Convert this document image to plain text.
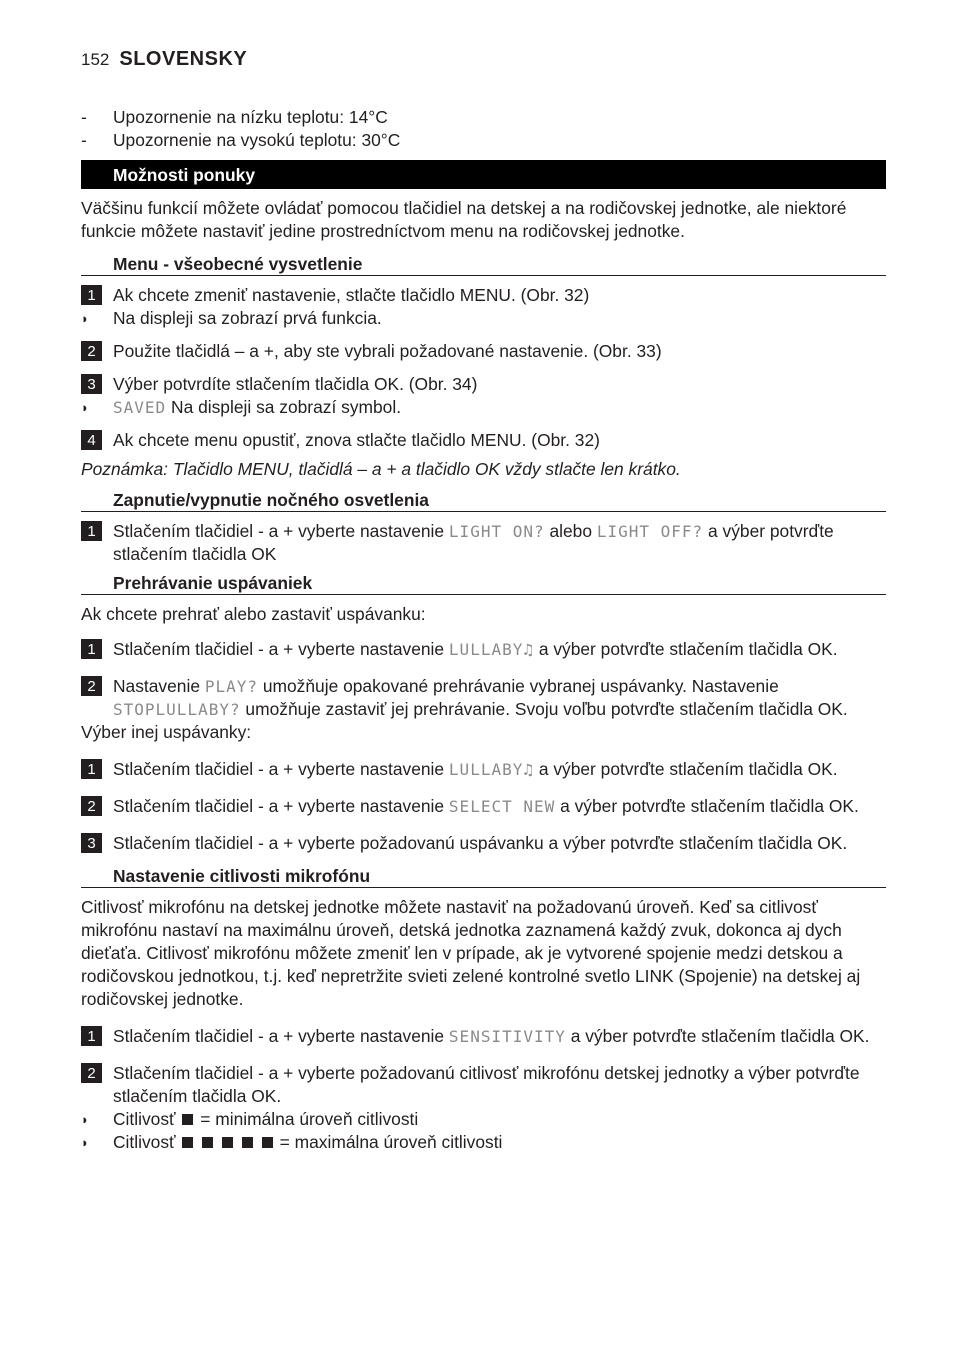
152 SLOVENSKY
-	Upozornenie na nízku teplotu: 14°C
-	Upozornenie na vysokú teplotu: 30°C
Možnosti ponuky

Väčšinu funkcií môžete ovládať pomocou tlačidiel na detskej a na rodičovskej jednotke, ale niektoré funkcie môžete nastaviť jedine prostredníctvom menu na rodičovskej jednotke.

Menu - všeobecné vysvetlenie
1 Ak chcete zmeniť nastavenie, stlačte tlačidlo MENU. (Obr. 32)
◗	Na displeji sa zobrazí prvá funkcia.
2 Použite tlačidlá – a +, aby ste vybrali požadované nastavenie. (Obr. 33)
3 Výber potvrdíte stlačením tlačidla OK. (Obr. 34)
◗	SAVED Na displeji sa zobrazí symbol.
4 Ak chcete menu opustiť, znova stlačte tlačidlo MENU. (Obr. 32)

Poznámka: Tlačidlo MENU, tlačidlá – a + a tlačidlo OK vždy stlačte len krátko.

Zapnutie/vypnutie nočného osvetlenia
1 Stlačením tlačidiel - a + vyberte nastavenie LIGHT ON? alebo LIGHT OFF? a výber potvrďte stlačením tlačidla OK
Prehrávanie uspávaniek

Ak chcete prehrať alebo zastaviť uspávanku:

1 Stlačením tlačidiel - a + vyberte nastavenie LULLABY♫ a výber potvrďte stlačením tlačidla OK.
2 Nastavenie PLAY? umožňuje opakované prehrávanie vybranej uspávanky. Nastavenie STOPLULLABY? umožňuje zastaviť jej prehrávanie. Svoju voľbu potvrďte stlačením tlačidla OK.

Výber inej uspávanky:

1 Stlačením tlačidiel - a + vyberte nastavenie LULLABY♫ a výber potvrďte stlačením tlačidla OK.
2 Stlačením tlačidiel - a + vyberte nastavenie SELECT NEW a výber potvrďte stlačením tlačidla OK.
3 Stlačením tlačidiel - a + vyberte požadovanú uspávanku a výber potvrďte stlačením tlačidla OK.
Nastavenie citlivosti mikrofónu

Citlivosť mikrofónu na detskej jednotke môžete nastaviť na požadovanú úroveň. Keď sa citlivosť mikrofónu nastaví na maximálnu úroveň, detská jednotka zaznamená každý zvuk, dokonca aj dych dieťaťa. Citlivosť mikrofónu môžete zmeniť len v prípade, ak je vytvorené spojenie medzi detskou a rodičovskou jednotkou, t.j. keď nepretržite svieti zelené kontrolné svetlo LINK (Spojenie) na detskej aj rodičovskej jednotke.

1 Stlačením tlačidiel - a + vyberte nastavenie SENSITIVITY a výber potvrďte stlačením tlačidla OK.
2 Stlačením tlačidiel - a + vyberte požadovanú citlivosť mikrofónu detskej jednotky a výber potvrďte stlačením tlačidla OK.
◗	Citlivosť  = minimálna úroveň citlivosti
◗	Citlivosť	= maximálna úroveň citlivosti
